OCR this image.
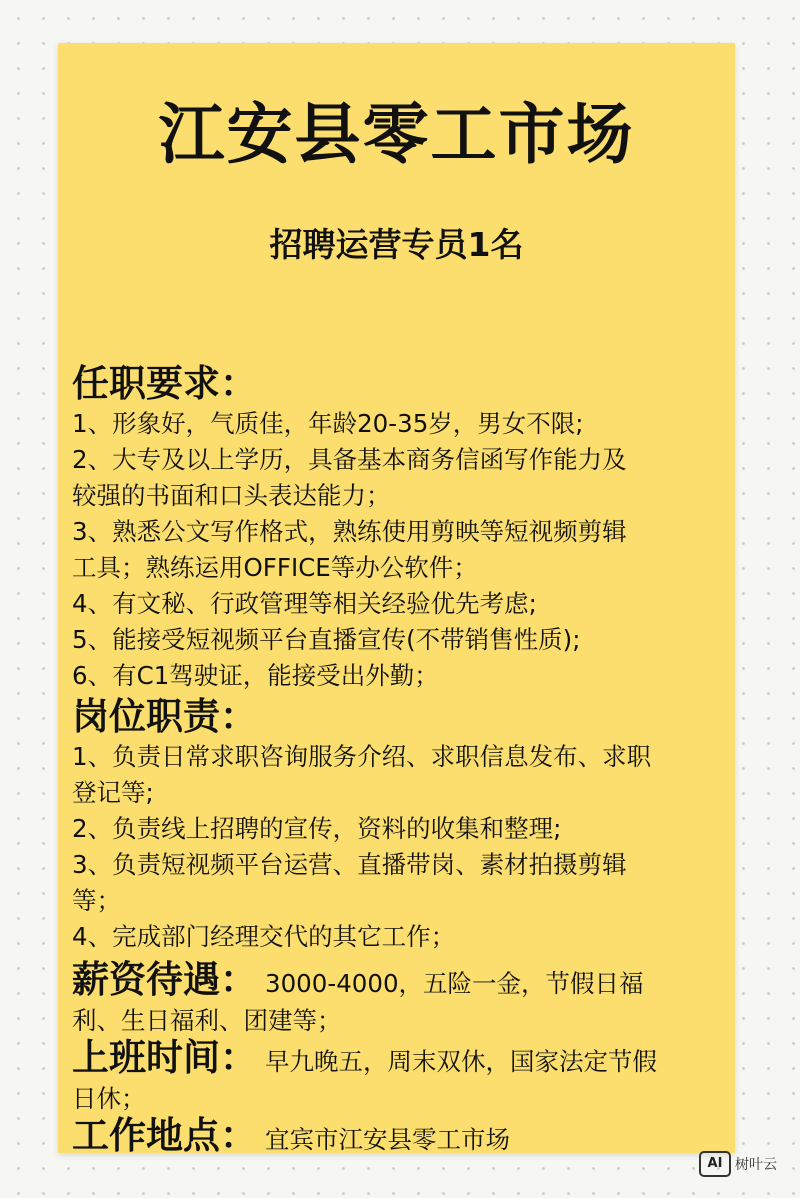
江安县零工市场
招聘运营专员1名

任职要求：

1、形象好，气质佳，年龄20-35岁，男女不限;

2、大专及以上学历，具备基本商务信函写作能力及

较强的书面和口头表达能力；

3、熟悉公文写作格式，熟练使用剪映等短视频剪辑

工具；熟练运用OFFICE等办公软件；

4、有文秘、行政管理等相关经验优先考虑;

5、能接受短视频平台直播宣传(不带销售性质);

6、有C1驾驶证，能接受出外勤；

岗位职责：

1、负责日常求职咨询服务介绍、求职信息发布、求职

登记等;

2、负责线上招聘的宣传，资料的收集和整理;

3、负责短视频平台运营、直播带岗、素材拍摄剪辑

等；

4、完成部门经理交代的其它工作；

薪资待遇： 3000-4000，五险一金，节假日福

利、生日福利、团建等；

上班时间： 早九晚五，周末双休，国家法定节假

日休；

工作地点： 宜宾市江安县零工市场

AI 树叶云
